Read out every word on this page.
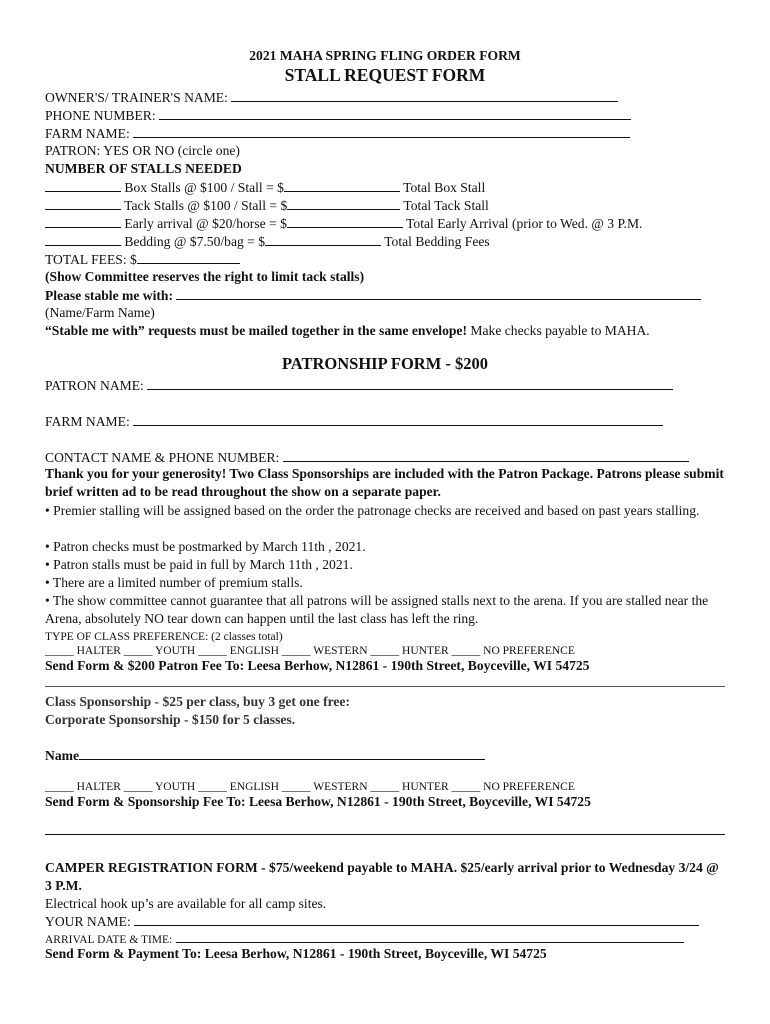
2021 MAHA SPRING FLING ORDER FORM
STALL REQUEST FORM
OWNER'S/ TRAINER'S NAME:
PHONE NUMBER:
FARM NAME:
PATRON: YES OR NO (circle one)
NUMBER OF STALLS NEEDED
Box Stalls @ $100 / Stall = $	Total Box Stall
Tack Stalls @ $100 / Stall = $	Total Tack Stall
Early arrival @ $20/horse = $	Total Early Arrival (prior to Wed. @ 3 P.M.
Bedding @ $7.50/bag = $	Total Bedding Fees
TOTAL FEES: $
(Show Committee reserves the right to limit tack stalls)
Please stable me with:
(Name/Farm Name)
“Stable me with” requests must be mailed together in the same envelope! Make checks payable to MAHA.
PATRONSHIP FORM - $200
PATRON NAME:
FARM NAME:
CONTACT NAME & PHONE NUMBER:
Thank you for your generosity! Two Class Sponsorships are included with the Patron Package. Patrons please submit brief written ad to be read throughout the show on a separate paper.
• Premier stalling will be assigned based on the order the patronage checks are received and based on past years stalling.
• Patron checks must be postmarked by March 11th , 2021.
• Patron stalls must be paid in full by March 11th , 2021.
• There are a limited number of premium stalls.
• The show committee cannot guarantee that all patrons will be assigned stalls next to the arena. If you are stalled near the Arena, absolutely NO tear down can happen until the last class has left the ring.
TYPE OF CLASS PREFERENCE: (2 classes total)
_____ HALTER _____ YOUTH _____ ENGLISH _____ WESTERN _____ HUNTER _____ NO PREFERENCE
Send Form & $200 Patron Fee To: Leesa Berhow, N12861 - 190th Street, Boyceville, WI 54725
Class Sponsorship - $25 per class, buy 3 get one free:
Corporate Sponsorship - $150 for 5 classes.
Name
_____ HALTER _____ YOUTH _____ ENGLISH _____ WESTERN _____ HUNTER _____ NO PREFERENCE
Send Form & Sponsorship Fee To: Leesa Berhow, N12861 - 190th Street, Boyceville, WI 54725
CAMPER REGISTRATION FORM - $75/weekend payable to MAHA. $25/early arrival prior to Wednesday 3/24 @ 3 P.M.
Electrical hook up’s are available for all camp sites.
YOUR NAME:
ARRIVAL DATE & TIME:
Send Form & Payment To: Leesa Berhow, N12861 - 190th Street, Boyceville, WI 54725
